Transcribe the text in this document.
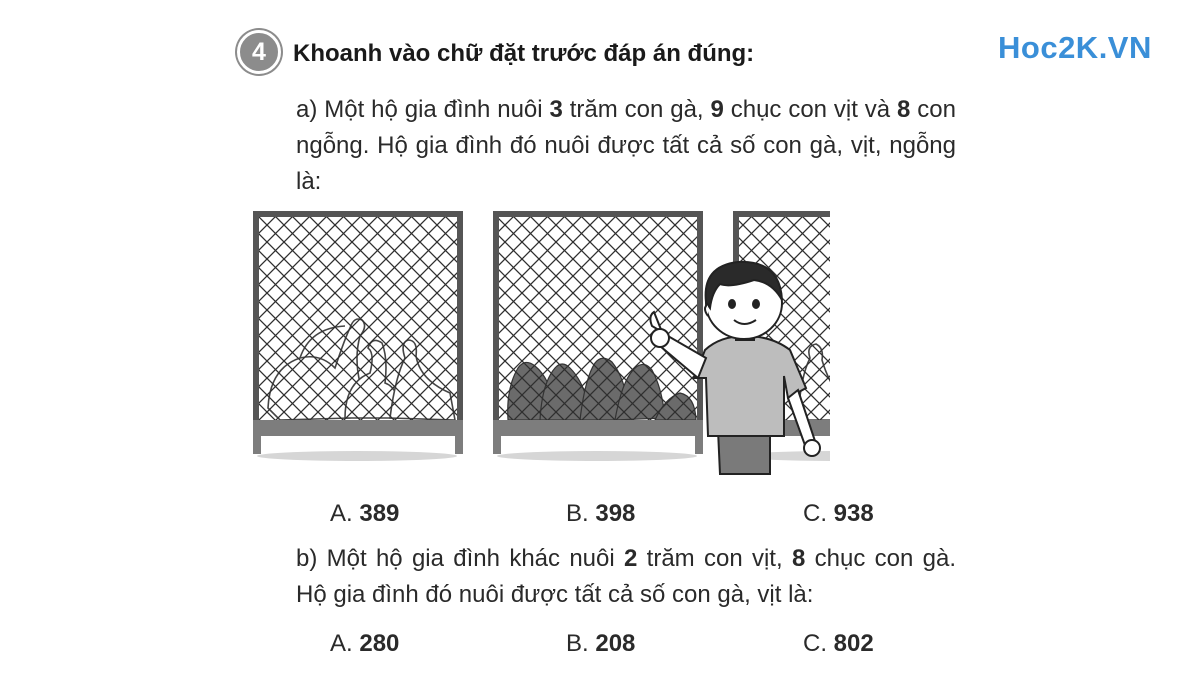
4 Khoanh vào chữ đặt trước đáp án đúng:	Hoc2K.VN
a) Một hộ gia đình nuôi 3 trăm con gà, 9 chục con vịt và 8 con ngỗng. Hộ gia đình đó nuôi được tất cả số con gà, vịt, ngỗng là:
A. 389	B. 398	C. 938
b) Một hộ gia đình khác nuôi 2 trăm con vịt, 8 chục con gà. Hộ gia đình đó nuôi được tất cả số con gà, vịt là:
A. 280	B. 208	C. 802
